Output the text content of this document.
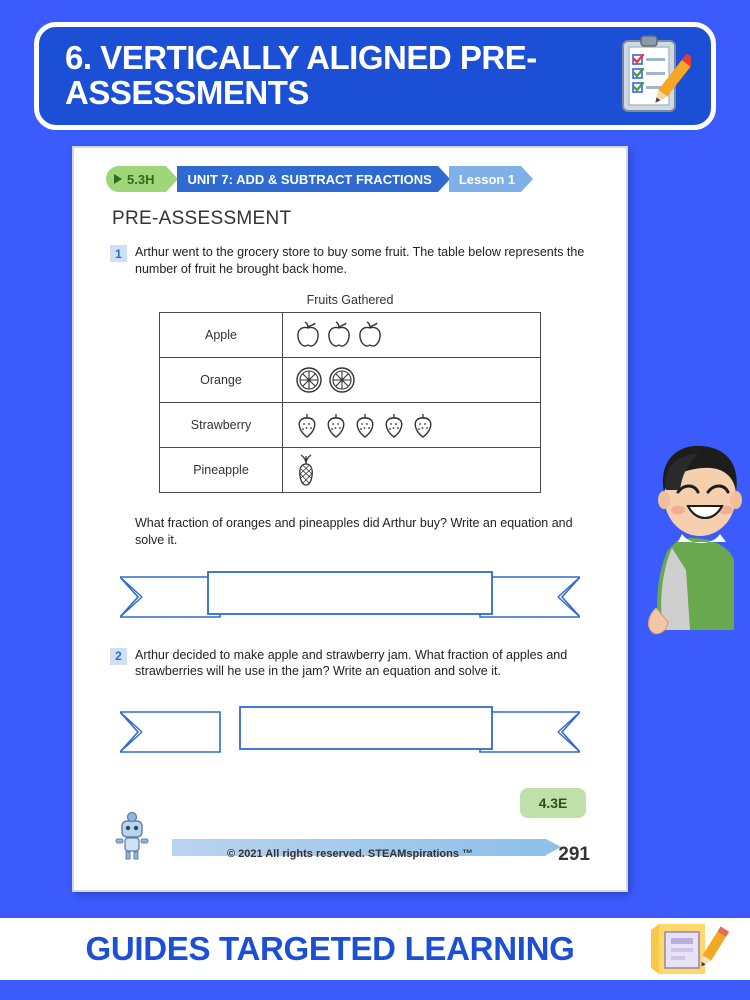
6. VERTICALLY ALIGNED PRE-ASSESSMENTS
5.3H	UNIT 7: ADD & SUBTRACT FRACTIONS	Lesson 1
PRE-ASSESSMENT
1	Arthur went to the grocery store to buy some fruit. The table below represents the number of fruit he brought back home.
Fruits Gathered
Apple	

Orange	

Strawberry	

Pineapple	
What fraction of oranges and pineapples did Arthur buy? Write an equation and solve it.
2	Arthur decided to make apple and strawberry jam. What fraction of apples and strawberries will he use in the jam? Write an equation and solve it.
4.3E
© 2021 All rights reserved. STEAMspirations ™	291
GUIDES TARGETED LEARNING
